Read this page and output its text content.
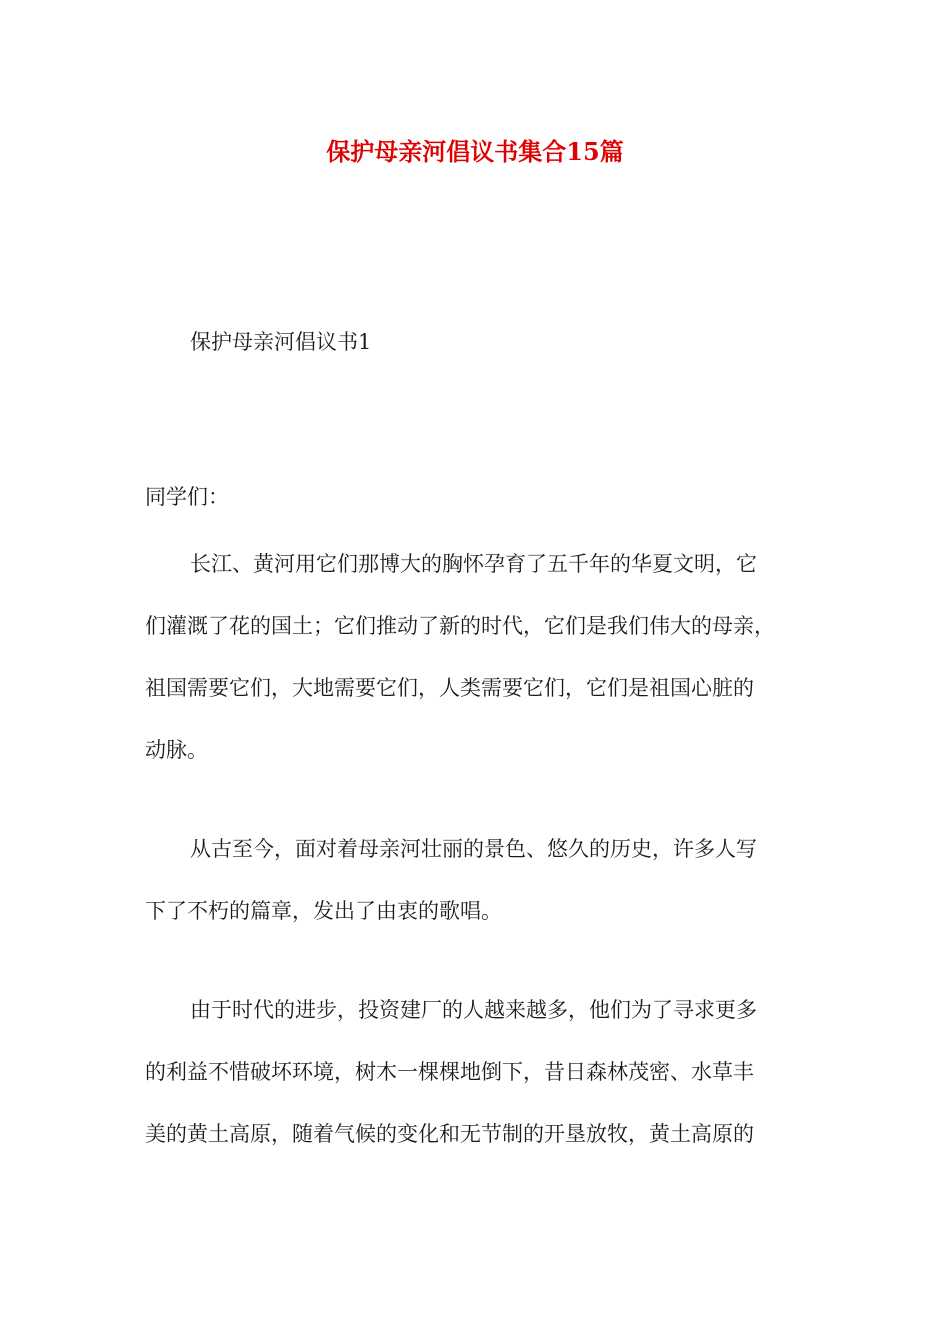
保护母亲河倡议书集合15篇
保护母亲河倡议书1

同学们：

长江、黄河用它们那博大的胸怀孕育了五千年的华夏文明，它
们灌溉了花的国土；它们推动了新的时代，它们是我们伟大的母亲，
祖国需要它们，大地需要它们，人类需要它们，它们是祖国心脏的
动脉。

从古至今，面对着母亲河壮丽的景色、悠久的历史，许多人写
下了不朽的篇章，发出了由衷的歌唱。

由于时代的进步，投资建厂的人越来越多，他们为了寻求更多
的利益不惜破坏环境，树木一棵棵地倒下，昔日森林茂密、水草丰
美的黄土高原，随着气候的变化和无节制的开垦放牧，黄土高原的
